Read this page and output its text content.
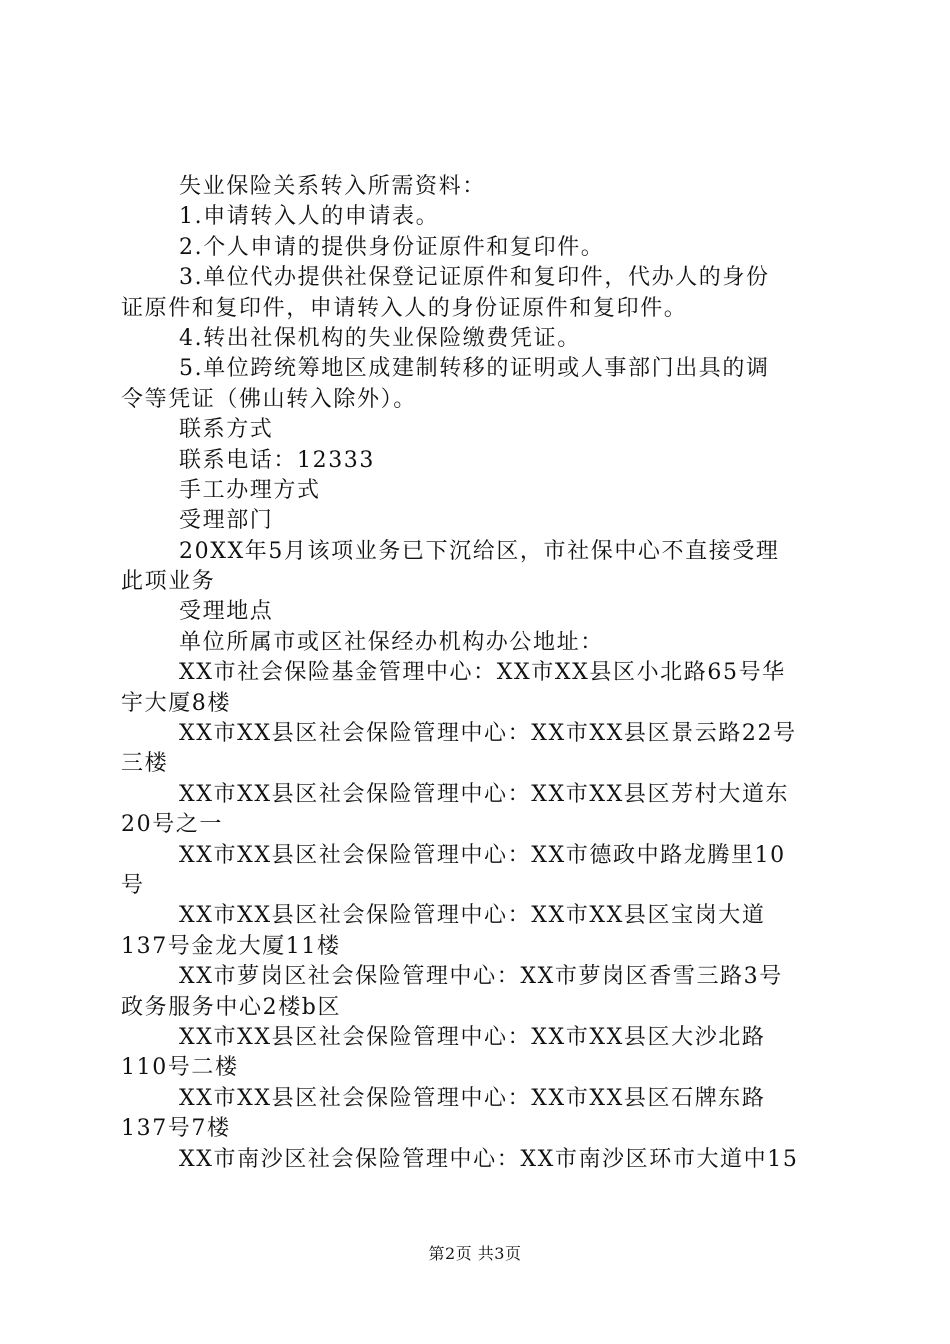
失业保险关系转入所需资料：
1.申请转入人的申请表。
2.个人申请的提供身份证原件和复印件。
3.单位代办提供社保登记证原件和复印件，代办人的身份
证原件和复印件，申请转入人的身份证原件和复印件。
4.转出社保机构的失业保险缴费凭证。
5.单位跨统筹地区成建制转移的证明或人事部门出具的调
令等凭证（佛山转入除外）。
联系方式
联系电话：12333
手工办理方式
受理部门
20XX年5月该项业务已下沉给区，市社保中心不直接受理
此项业务
受理地点
单位所属市或区社保经办机构办公地址：
XX市社会保险基金管理中心：XX市XX县区小北路65号华
宇大厦8楼
XX市XX县区社会保险管理中心：XX市XX县区景云路22号
三楼
XX市XX县区社会保险管理中心：XX市XX县区芳村大道东
20号之一
XX市XX县区社会保险管理中心：XX市德政中路龙腾里10
号
XX市XX县区社会保险管理中心：XX市XX县区宝岗大道
137号金龙大厦11楼
XX市萝岗区社会保险管理中心：XX市萝岗区香雪三路3号
政务服务中心2楼b区
XX市XX县区社会保险管理中心：XX市XX县区大沙北路
110号二楼
XX市XX县区社会保险管理中心：XX市XX县区石牌东路
137号7楼
XX市南沙区社会保险管理中心：XX市南沙区环市大道中15
第2页 共3页
